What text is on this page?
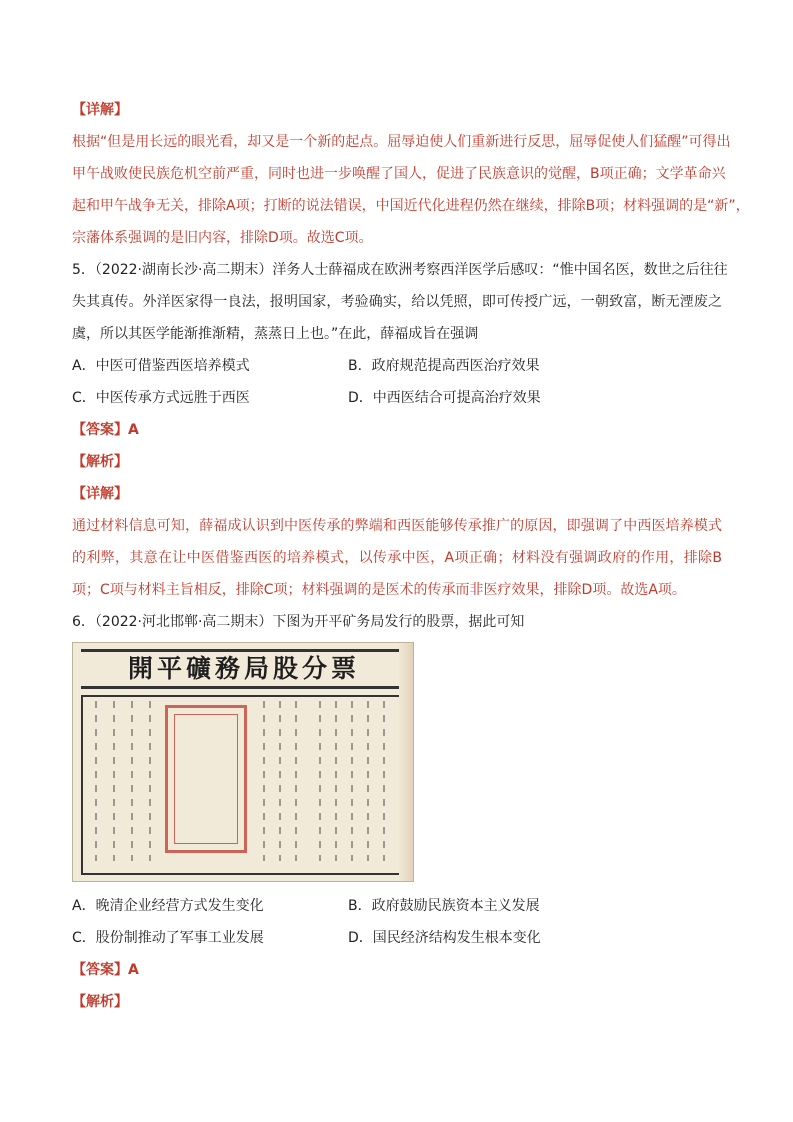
【详解】
根据“但是用长远的眼光看，却又是一个新的起点。屈辱迫使人们重新进行反思，屈辱促使人们猛醒”可得出
甲午战败使民族危机空前严重，同时也进一步唤醒了国人，促进了民族意识的觉醒，B项正确；文学革命兴
起和甲午战争无关，排除A项；打断的说法错误，中国近代化进程仍然在继续，排除B项；材料强调的是“新”，
宗藩体系强调的是旧内容，排除D项。故选C项。
5．（2022·湖南长沙·高二期末）洋务人士薛福成在欧洲考察西洋医学后感叹：“惟中国名医，数世之后往往
失其真传。外洋医家得一良法，报明国家，考验确实，给以凭照，即可传授广远，一朝致富，断无湮废之
虞，所以其医学能渐推渐精，蒸蒸日上也。”在此，薛福成旨在强调
A．中医可借鉴西医培养模式	B．政府规范提高西医治疗效果
C．中医传承方式远胜于西医	D．中西医结合可提高治疗效果
【答案】A
【解析】
【详解】
通过材料信息可知，薛福成认识到中医传承的弊端和西医能够传承推广的原因，即强调了中西医培养模式
的利弊，其意在让中医借鉴西医的培养模式，以传承中医，A项正确；材料没有强调政府的作用，排除B
项；C项与材料主旨相反，排除C项；材料强调的是医术的传承而非医疗效果，排除D项。故选A项。
6．（2022·河北邯郸·高二期末）下图为开平矿务局发行的股票，据此可知
開平礦務局股分票
A．晚清企业经营方式发生变化	B．政府鼓励民族资本主义发展
C．股份制推动了军事工业发展	D．国民经济结构发生根本变化
【答案】A
【解析】
